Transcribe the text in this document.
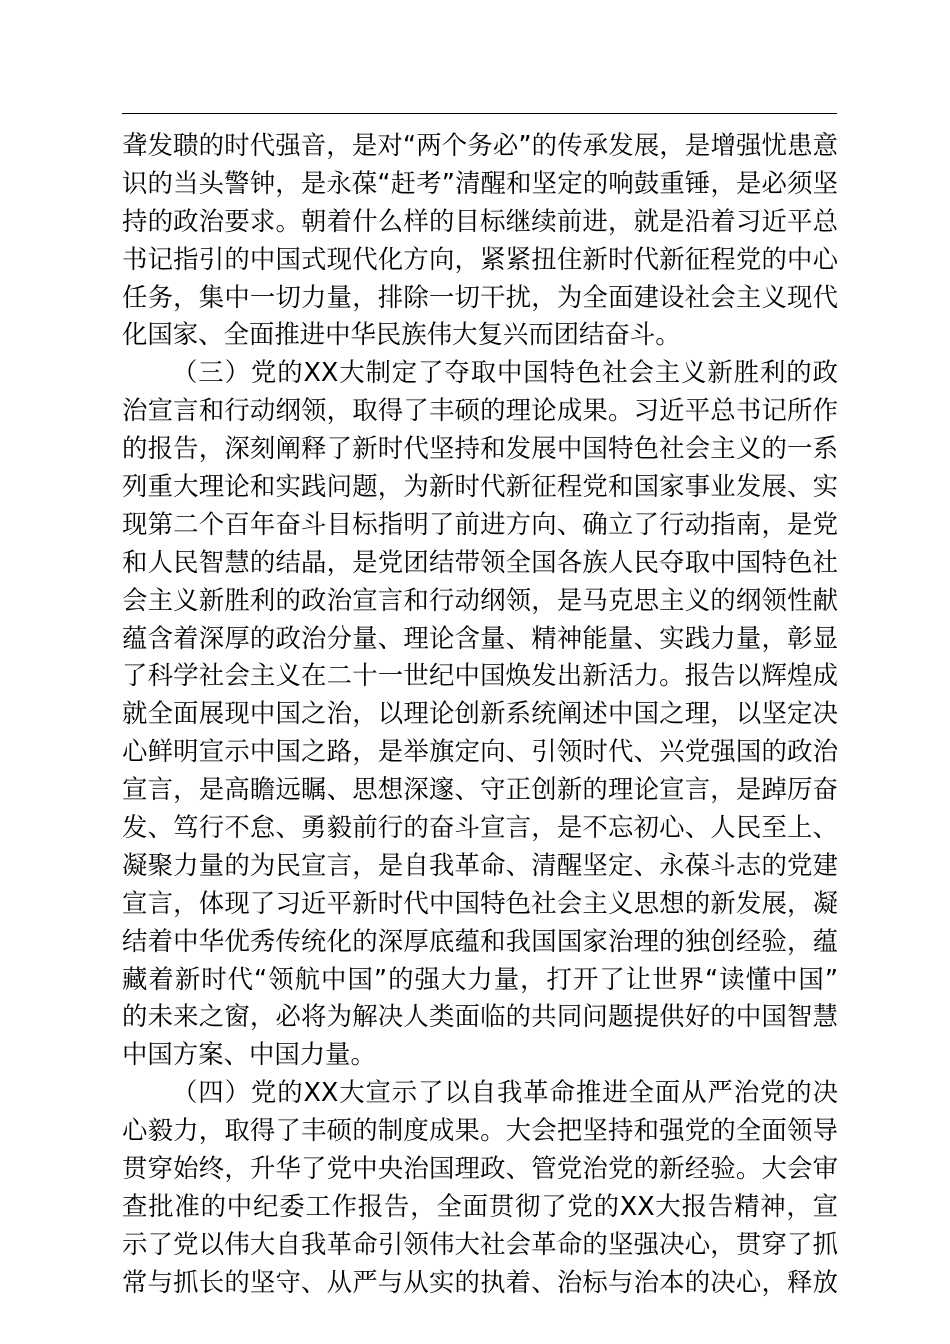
聋发聩的时代强音，是对“两个务必”的传承发展，是增强忧患意
识的当头警钟，是永葆“赶考”清醒和坚定的响鼓重锤，是必须坚
持的政治要求。朝着什么样的目标继续前进，就是沿着习近平总
书记指引的中国式现代化方向，紧紧扭住新时代新征程党的中心
任务，集中一切力量，排除一切干扰，为全面建设社会主义现代
化国家、全面推进中华民族伟大复兴而团结奋斗。
（三）党的XX大制定了夺取中国特色社会主义新胜利的政
治宣言和行动纲领，取得了丰硕的理论成果。习近平总书记所作
的报告，深刻阐释了新时代坚持和发展中国特色社会主义的一系
列重大理论和实践问题，为新时代新征程党和国家事业发展、实
现第二个百年奋斗目标指明了前进方向、确立了行动指南，是党
和人民智慧的结晶，是党团结带领全国各族人民夺取中国特色社
会主义新胜利的政治宣言和行动纲领，是马克思主义的纲领性献
蕴含着深厚的政治分量、理论含量、精神能量、实践力量，彰显
了科学社会主义在二十一世纪中国焕发出新活力。报告以辉煌成
就全面展现中国之治，以理论创新系统阐述中国之理，以坚定决
心鲜明宣示中国之路，是举旗定向、引领时代、兴党强国的政治
宣言，是高瞻远瞩、思想深邃、守正创新的理论宣言，是踔厉奋
发、笃行不怠、勇毅前行的奋斗宣言，是不忘初心、人民至上、
凝聚力量的为民宣言，是自我革命、清醒坚定、永葆斗志的党建
宣言，体现了习近平新时代中国特色社会主义思想的新发展，凝
结着中华优秀传统化的深厚底蕴和我国国家治理的独创经验，蕴
藏着新时代“领航中国”的强大力量，打开了让世界“读懂中国”
的未来之窗，必将为解决人类面临的共同问题提供好的中国智慧
中国方案、中国力量。
（四）党的XX大宣示了以自我革命推进全面从严治党的决
心毅力，取得了丰硕的制度成果。大会把坚持和强党的全面领导
贯穿始终，升华了党中央治国理政、管党治党的新经验。大会审
查批准的中纪委工作报告，全面贯彻了党的XX大报告精神，宣
示了党以伟大自我革命引领伟大社会革命的坚强决心，贯穿了抓
常与抓长的坚守、从严与从实的执着、治标与治本的决心，释放
